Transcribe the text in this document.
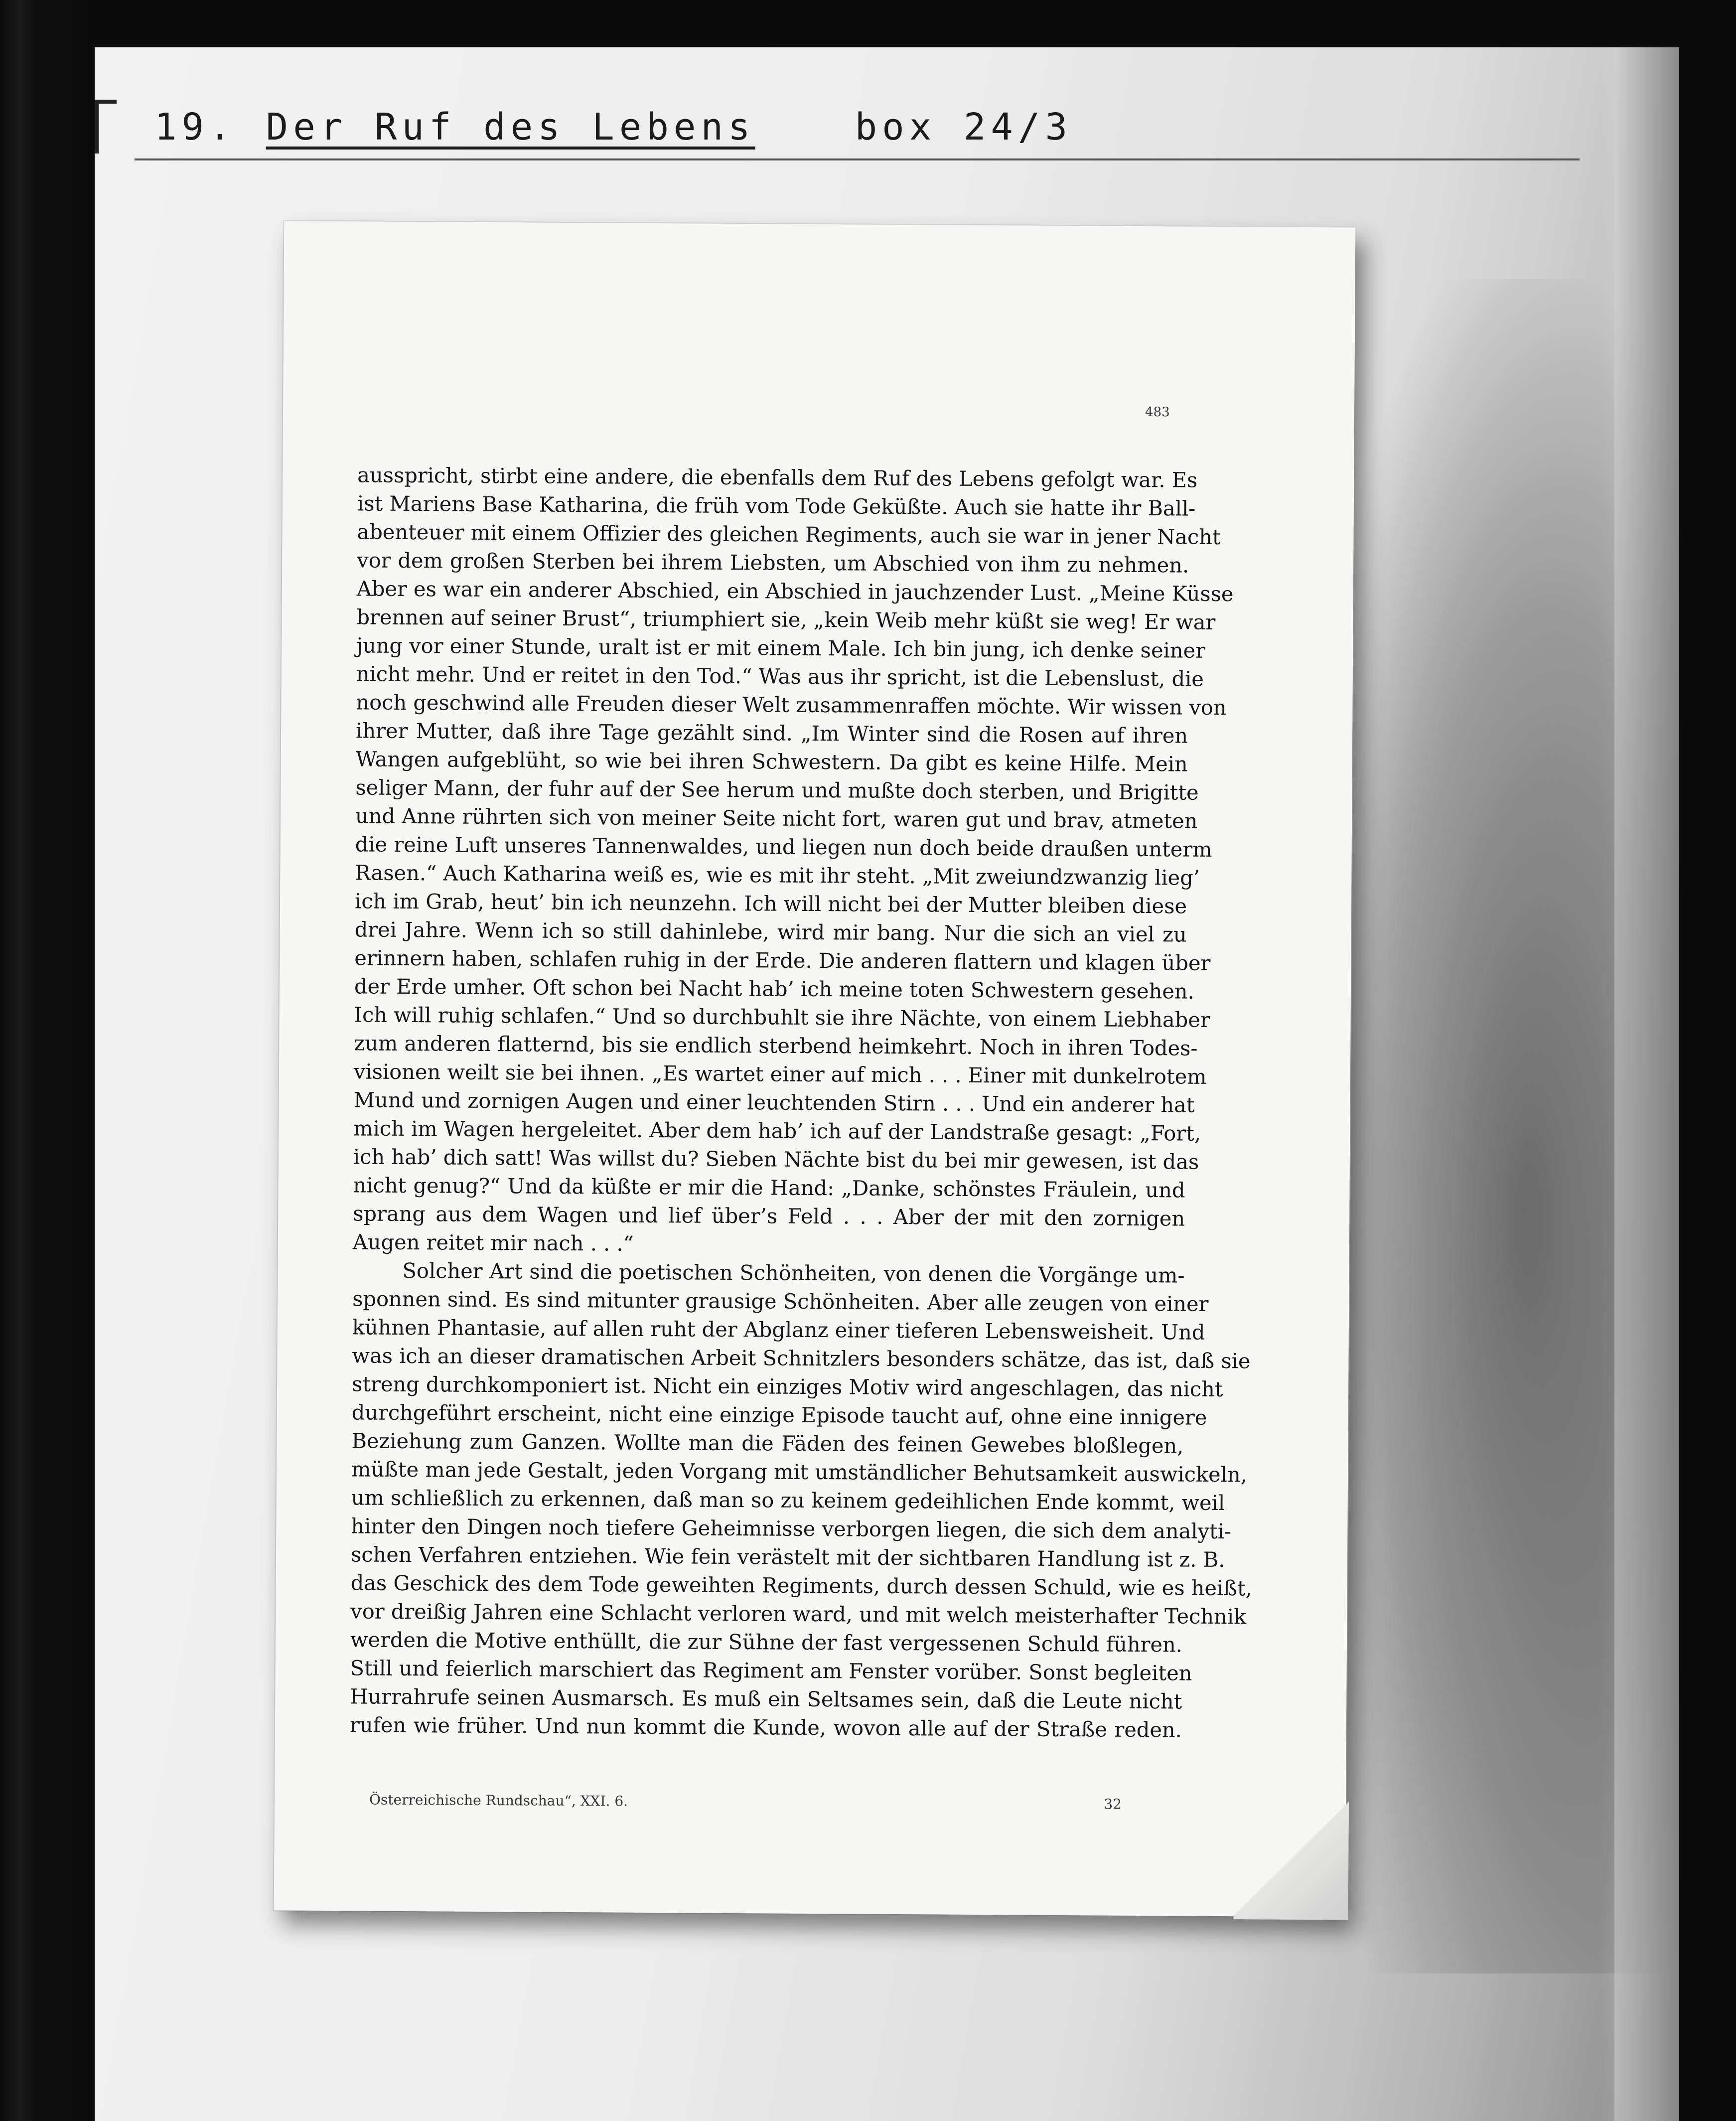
19. Der Ruf des Lebens	box 24/3
483
ausspricht, stirbt eine andere, die ebenfalls dem Ruf des Lebens gefolgt war. Es
ist Mariens Base Katharina, die früh vom Tode Geküßte. Auch sie hatte ihr Ball-
abenteuer mit einem Offizier des gleichen Regiments, auch sie war in jener Nacht
vor dem großen Sterben bei ihrem Liebsten, um Abschied von ihm zu nehmen.
Aber es war ein anderer Abschied, ein Abschied in jauchzender Lust. „Meine Küsse
brennen auf seiner Brust“, triumphiert sie, „kein Weib mehr küßt sie weg! Er war
jung vor einer Stunde, uralt ist er mit einem Male. Ich bin jung, ich denke seiner
nicht mehr. Und er reitet in den Tod.“ Was aus ihr spricht, ist die Lebenslust, die
noch geschwind alle Freuden dieser Welt zusammenraffen möchte. Wir wissen von
ihrer Mutter, daß ihre Tage gezählt sind. „Im Winter sind die Rosen auf ihren
Wangen aufgeblüht, so wie bei ihren Schwestern. Da gibt es keine Hilfe. Mein
seliger Mann, der fuhr auf der See herum und mußte doch sterben, und Brigitte
und Anne rührten sich von meiner Seite nicht fort, waren gut und brav, atmeten
die reine Luft unseres Tannenwaldes, und liegen nun doch beide draußen unterm
Rasen.“ Auch Katharina weiß es, wie es mit ihr steht. „Mit zweiundzwanzig lieg’
ich im Grab, heut’ bin ich neunzehn. Ich will nicht bei der Mutter bleiben diese
drei Jahre. Wenn ich so still dahinlebe, wird mir bang. Nur die sich an viel zu
erinnern haben, schlafen ruhig in der Erde. Die anderen flattern und klagen über
der Erde umher. Oft schon bei Nacht hab’ ich meine toten Schwestern gesehen.
Ich will ruhig schlafen.“ Und so durchbuhlt sie ihre Nächte, von einem Liebhaber
zum anderen flatternd, bis sie endlich sterbend heimkehrt. Noch in ihren Todes-
visionen weilt sie bei ihnen. „Es wartet einer auf mich . . . Einer mit dunkelrotem
Mund und zornigen Augen und einer leuchtenden Stirn . . . Und ein anderer hat
mich im Wagen hergeleitet. Aber dem hab’ ich auf der Landstraße gesagt: „Fort,
ich hab’ dich satt! Was willst du? Sieben Nächte bist du bei mir gewesen, ist das
nicht genug?“ Und da küßte er mir die Hand: „Danke, schönstes Fräulein, und
sprang aus dem Wagen und lief über’s Feld . . . Aber der mit den zornigen
Augen reitet mir nach . . .“
Solcher Art sind die poetischen Schönheiten, von denen die Vorgänge um-
sponnen sind. Es sind mitunter grausige Schönheiten. Aber alle zeugen von einer
kühnen Phantasie, auf allen ruht der Abglanz einer tieferen Lebensweisheit. Und
was ich an dieser dramatischen Arbeit Schnitzlers besonders schätze, das ist, daß sie
streng durchkomponiert ist. Nicht ein einziges Motiv wird angeschlagen, das nicht
durchgeführt erscheint, nicht eine einzige Episode taucht auf, ohne eine innigere
Beziehung zum Ganzen. Wollte man die Fäden des feinen Gewebes bloßlegen,
müßte man jede Gestalt, jeden Vorgang mit umständlicher Behutsamkeit auswickeln,
um schließlich zu erkennen, daß man so zu keinem gedeihlichen Ende kommt, weil
hinter den Dingen noch tiefere Geheimnisse verborgen liegen, die sich dem analyti-
schen Verfahren entziehen. Wie fein verästelt mit der sichtbaren Handlung ist z. B.
das Geschick des dem Tode geweihten Regiments, durch dessen Schuld, wie es heißt,
vor dreißig Jahren eine Schlacht verloren ward, und mit welch meisterhafter Technik
werden die Motive enthüllt, die zur Sühne der fast vergessenen Schuld führen.
Still und feierlich marschiert das Regiment am Fenster vorüber. Sonst begleiten
Hurrahrufe seinen Ausmarsch. Es muß ein Seltsames sein, daß die Leute nicht
rufen wie früher. Und nun kommt die Kunde, wovon alle auf der Straße reden.
Österreichische Rundschau“, XXI. 6.	32
